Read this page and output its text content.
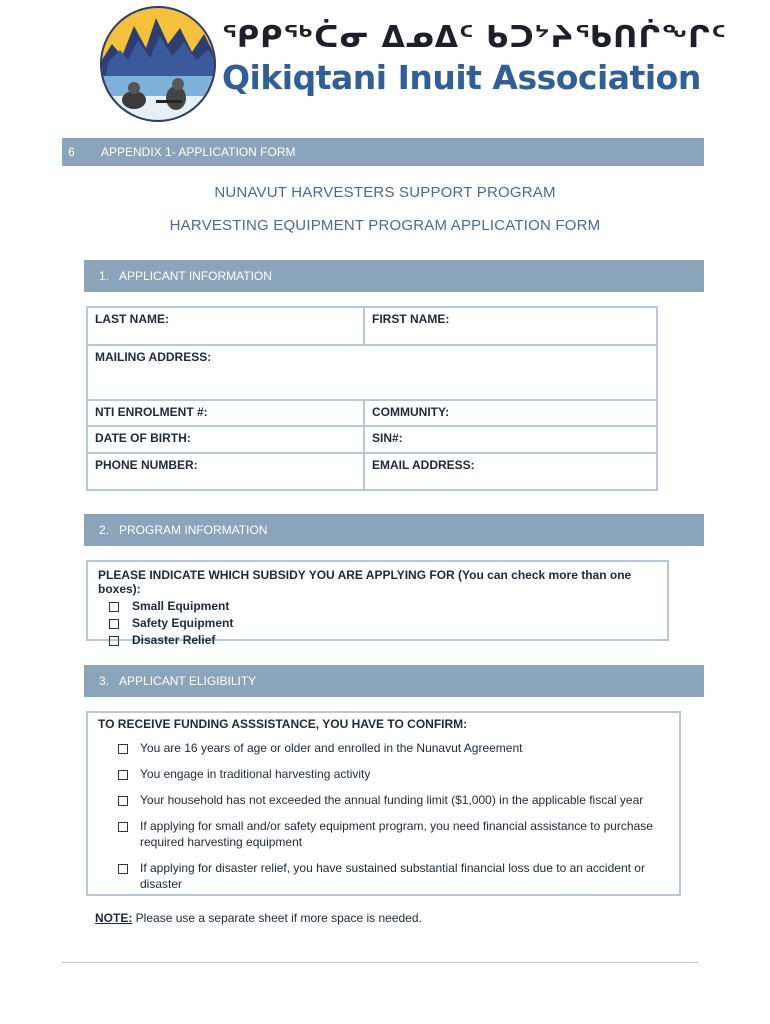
ᕿᑭᖅᑖᓂ ᐃᓄᐃᑦ ᑲᑐᔾᔨᖃᑎᒌᖕᒋᑦ
Qikiqtani Inuit Association
6	APPENDIX 1- APPLICATION FORM
NUNAVUT HARVESTERS SUPPORT PROGRAM
HARVESTING EQUIPMENT PROGRAM APPLICATION FORM
1. APPLICANT INFORMATION
LAST NAME:	FIRST NAME:
MAILING ADDRESS:	
NTI ENROLMENT #:	COMMUNITY:
DATE OF BIRTH:	SIN#:
PHONE NUMBER:	EMAIL ADDRESS:
2. PROGRAM INFORMATION
PLEASE INDICATE WHICH SUBSIDY YOU ARE APPLYING FOR (You can check more than one boxes):
Small Equipment
Safety Equipment
Disaster Relief
3. APPLICANT ELIGIBILITY
TO RECEIVE FUNDING ASSSISTANCE, YOU HAVE TO CONFIRM:
You are 16 years of age or older and enrolled in the Nunavut Agreement
You engage in traditional harvesting activity
Your household has not exceeded the annual funding limit ($1,000) in the applicable fiscal year
If applying for small and/or safety equipment program, you need financial assistance to purchase required harvesting equipment
If applying for disaster relief, you have sustained substantial financial loss due to an accident or disaster
NOTE: Please use a separate sheet if more space is needed.
